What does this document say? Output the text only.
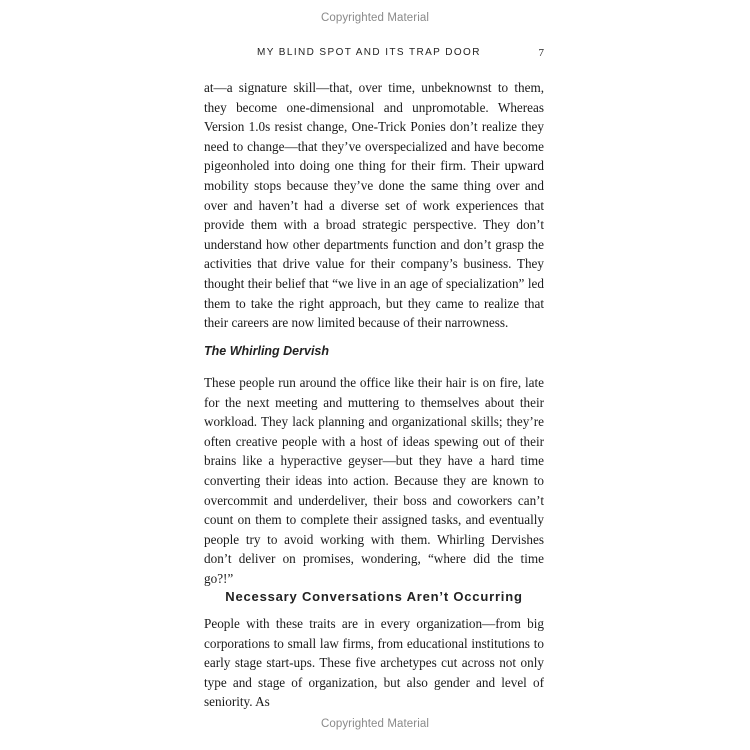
Copyrighted Material
MY BLIND SPOT AND ITS TRAP DOOR	7

at—a signature skill—that, over time, unbeknownst to them, they become one-dimensional and unpromotable. Whereas Version 1.0s resist change, One-Trick Ponies don’t realize they need to change—that they’ve overspecialized and have become pigeonholed into doing one thing for their firm. Their upward mobility stops because they’ve done the same thing over and over and haven’t had a diverse set of work experiences that provide them with a broad strategic perspective. They don’t understand how other departments function and don’t grasp the activities that drive value for their company’s business. They thought their belief that “we live in an age of specialization” led them to take the right approach, but they came to realize that their careers are now limited because of their narrowness.

The Whirling Dervish

These people run around the office like their hair is on fire, late for the next meeting and muttering to themselves about their workload. They lack planning and organizational skills; they’re often creative people with a host of ideas spewing out of their brains like a hyperactive geyser—but they have a hard time converting their ideas into action. Because they are known to overcommit and underdeliver, their boss and coworkers can’t count on them to complete their assigned tasks, and eventually people try to avoid working with them. Whirling Dervishes don’t deliver on promises, wondering, “where did the time go?!”

Necessary Conversations Aren’t Occurring

People with these traits are in every organization—from big corporations to small law firms, from educational institutions to early stage start-ups. These five archetypes cut across not only type and stage of organization, but also gender and level of seniority. As

Copyrighted Material
